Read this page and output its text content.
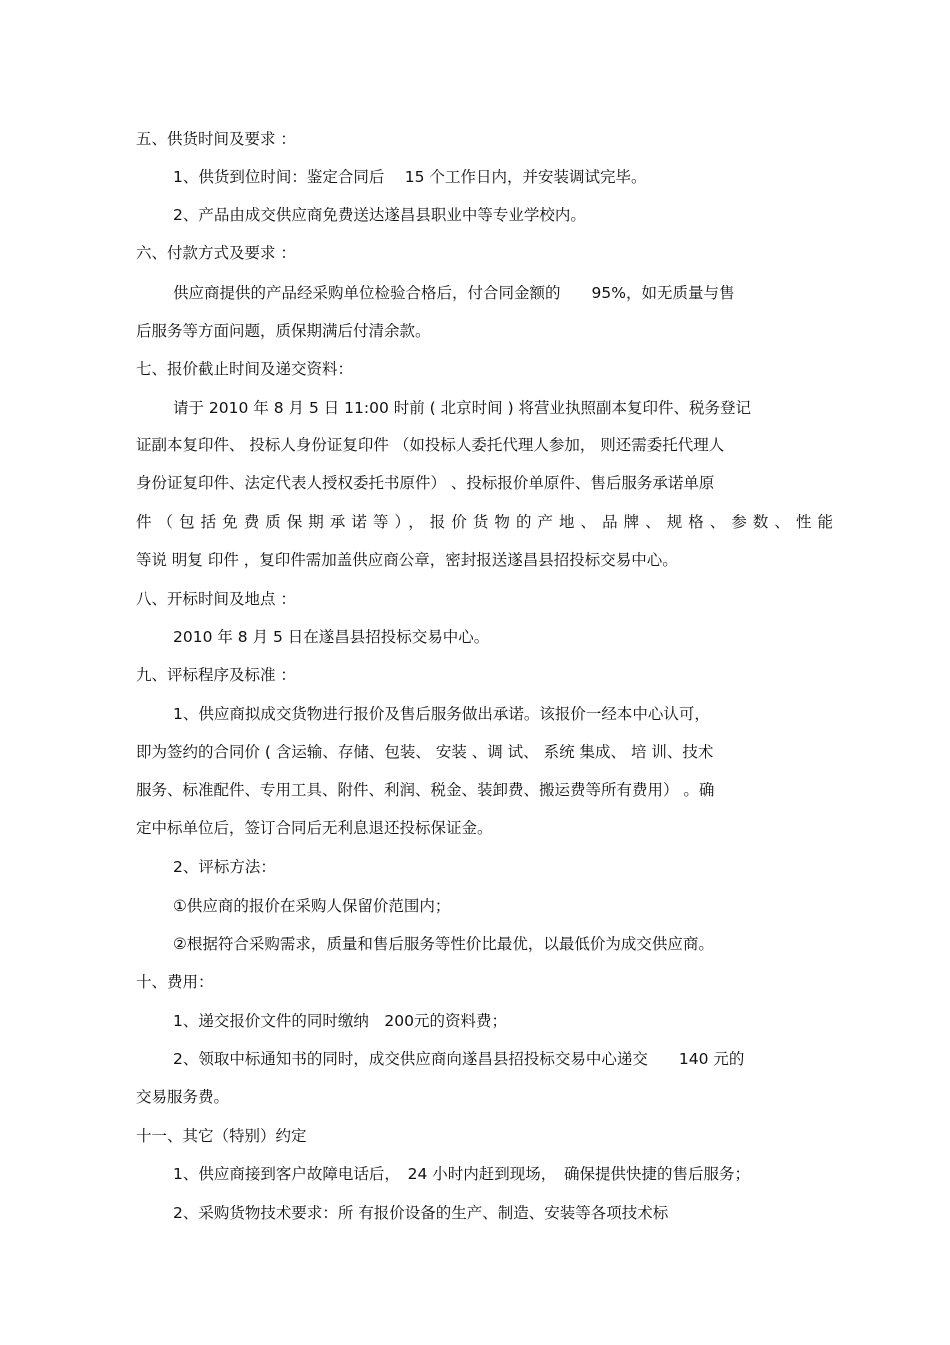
五、供货时间及要求 ：
1、供货到位时间：鉴定合同后　 15 个工作日内，并安装调试完毕。
2、产品由成交供应商免费送达遂昌县职业中等专业学校内。
六、付款方式及要求 ：
供应商提供的产品经采购单位检验合格后，付合同金额的　　95%，如无质量与售
后服务等方面问题，质保期满后付清余款。
七、报价截止时间及递交资料：
请于 2010 年 8 月 5 日 11:00 时前 ( 北京时间 ) 将营业执照副本复印件、税务登记
证副本复印件、 投标人身份证复印件 （如投标人委托代理人参加， 则还需委托代理人
身份证复印件、法定代表人授权委托书原件） 、投标报价单原件、售后服务承诺单原
件（包括免费质保期承诺等），报价货物的产地、品牌、规格、参数、性能
等说 明复 印件 ，复印件需加盖供应商公章，密封报送遂昌县招投标交易中心。
八、开标时间及地点 ：
2010 年 8 月 5 日在遂昌县招投标交易中心。
九、评标程序及标准 ：
1、供应商拟成交货物进行报价及售后服务做出承诺。该报价一经本中心认可，
即为签约的合同价 ( 含运输、存储、包装、 安装 、调 试、 系统 集成、 培 训、技术
服务、标准配件、专用工具、附件、利润、税金、装卸费、搬运费等所有费用） 。确
定中标单位后，签订合同后无利息退还投标保证金。
2、评标方法：
①供应商的报价在采购人保留价范围内；
②根据符合采购需求，质量和售后服务等性价比最优，以最低价为成交供应商。
十、费用：
1、递交报价文件的同时缴纳　200元的资料费；
2、领取中标通知书的同时，成交供应商向遂昌县招投标交易中心递交　　140 元的
交易服务费。
十一、其它（特别）约定
1、供应商接到客户故障电话后，　24 小时内赶到现场，　确保提供快捷的售后服务；
2、采购货物技术要求：所 有报价设备的生产、制造、安装等各项技术标
